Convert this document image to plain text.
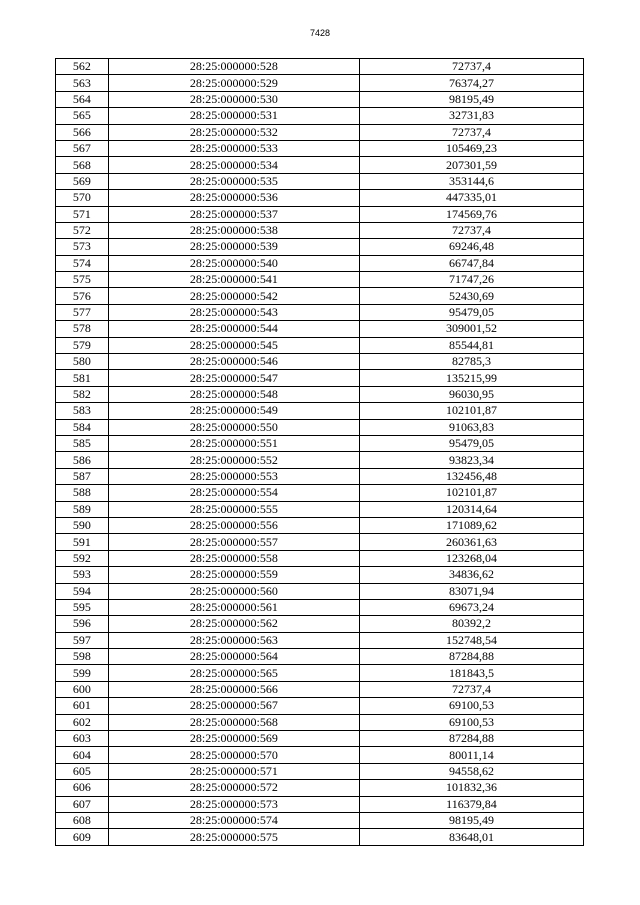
7428
562	28:25:000000:528	72737,4
563	28:25:000000:529	76374,27
564	28:25:000000:530	98195,49
565	28:25:000000:531	32731,83
566	28:25:000000:532	72737,4
567	28:25:000000:533	105469,23
568	28:25:000000:534	207301,59
569	28:25:000000:535	353144,6
570	28:25:000000:536	447335,01
571	28:25:000000:537	174569,76
572	28:25:000000:538	72737,4
573	28:25:000000:539	69246,48
574	28:25:000000:540	66747,84
575	28:25:000000:541	71747,26
576	28:25:000000:542	52430,69
577	28:25:000000:543	95479,05
578	28:25:000000:544	309001,52
579	28:25:000000:545	85544,81
580	28:25:000000:546	82785,3
581	28:25:000000:547	135215,99
582	28:25:000000:548	96030,95
583	28:25:000000:549	102101,87
584	28:25:000000:550	91063,83
585	28:25:000000:551	95479,05
586	28:25:000000:552	93823,34
587	28:25:000000:553	132456,48
588	28:25:000000:554	102101,87
589	28:25:000000:555	120314,64
590	28:25:000000:556	171089,62
591	28:25:000000:557	260361,63
592	28:25:000000:558	123268,04
593	28:25:000000:559	34836,62
594	28:25:000000:560	83071,94
595	28:25:000000:561	69673,24
596	28:25:000000:562	80392,2
597	28:25:000000:563	152748,54
598	28:25:000000:564	87284,88
599	28:25:000000:565	181843,5
600	28:25:000000:566	72737,4
601	28:25:000000:567	69100,53
602	28:25:000000:568	69100,53
603	28:25:000000:569	87284,88
604	28:25:000000:570	80011,14
605	28:25:000000:571	94558,62
606	28:25:000000:572	101832,36
607	28:25:000000:573	116379,84
608	28:25:000000:574	98195,49
609	28:25:000000:575	83648,01
